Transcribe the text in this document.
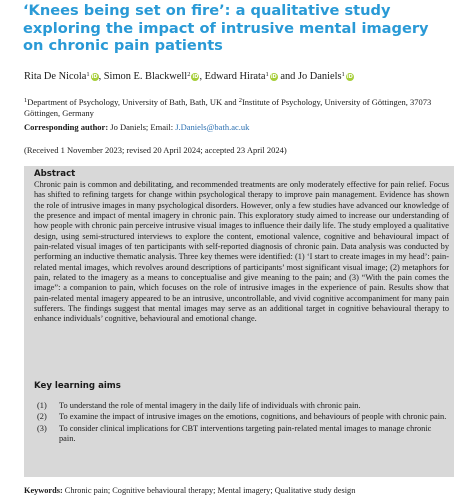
‘Knees being set on fire’: a qualitative study exploring the impact of intrusive mental imagery on chronic pain patients
Rita De Nicola$^1$ iD, Simon E. Blackwell$^2$ iD, Edward Hirata$^1$ iD and Jo Daniels$^1$ iD
$^1$Department of Psychology, University of Bath, Bath, UK and $^2$Institute of Psychology, University of Göttingen, 37073 Göttingen, Germany
Corresponding author: Jo Daniels; Email: J.Daniels@bath.ac.uk
(Received 1 November 2023; revised 20 April 2024; accepted 23 April 2024)
Abstract
Chronic pain is common and debilitating, and recommended treatments are only moderately effective for pain relief. Focus has shifted to refining targets for change within psychological therapy to improve pain management. Evidence has shown the role of intrusive images in many psychological disorders. However, only a few studies have advanced our knowledge of the presence and impact of mental imagery in chronic pain. This exploratory study aimed to increase our understanding of how people with chronic pain perceive intrusive visual images to influence their daily life. The study employed a qualitative design, using semi-structured interviews to explore the content, emotional valence, cognitive and behavioural impact of pain-related visual images of ten participants with self-reported diagnosis of chronic pain. Data analysis was conducted by performing an inductive thematic analysis. Three key themes were identified: (1) ‘I start to create images in my head’: pain-related mental images, which revolves around descriptions of participants’ most significant visual image; (2) metaphors for pain, related to the imagery as a means to conceptualise and give meaning to the pain; and (3) “With the pain comes the image”: a companion to pain, which focuses on the role of intrusive images in the experience of pain. Results show that pain-related mental imagery appeared to be an intrusive, uncontrollable, and vivid cognitive accompaniment for many pain sufferers. The findings suggest that mental images may serve as an additional target in cognitive behavioural therapy to enhance individuals’ cognitive, behavioural and emotional change.
Key learning aims
(1)	To understand the role of mental imagery in the daily life of individuals with chronic pain.
(2)	To examine the impact of intrusive images on the emotions, cognitions, and behaviours of people with chronic pain.
(3)	To consider clinical implications for CBT interventions targeting pain-related mental images to manage chronic pain.
Keywords: Chronic pain; Cognitive behavioural therapy; Mental imagery; Qualitative study design
